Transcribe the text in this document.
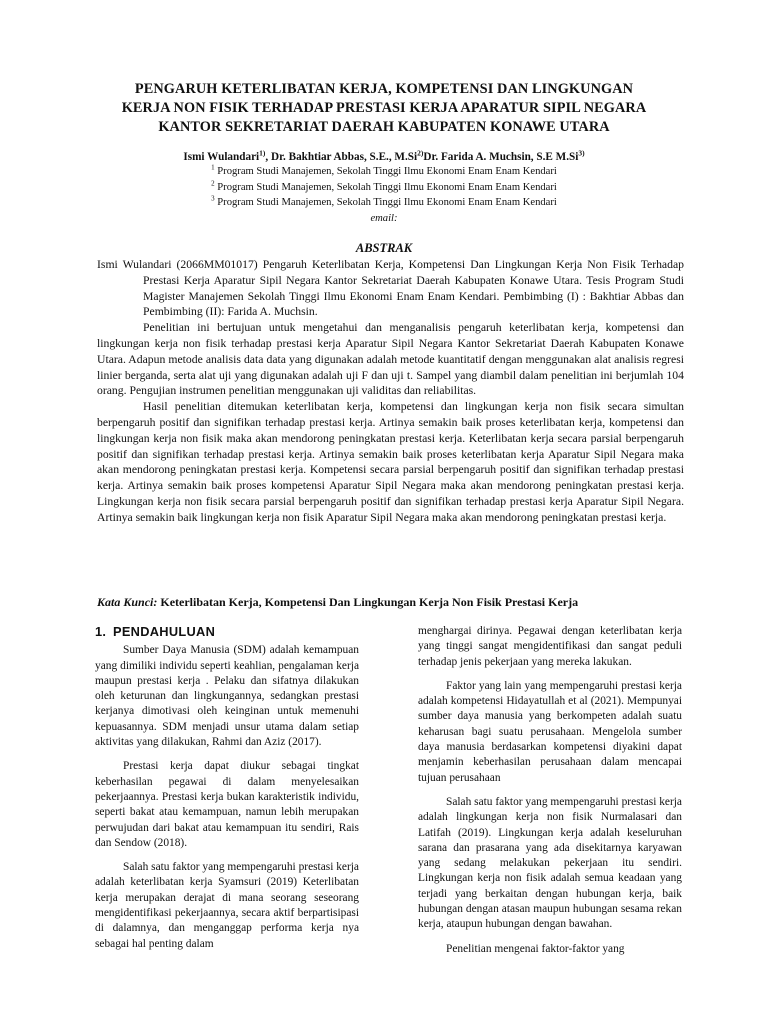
PENGARUH KETERLIBATAN KERJA, KOMPETENSI DAN LINGKUNGAN
KERJA NON FISIK TERHADAP PRESTASI KERJA APARATUR SIPIL NEGARA
KANTOR SEKRETARIAT DAERAH KABUPATEN KONAWE UTARA
Ismi Wulandari$^{1)}$, Dr. Bakhtiar Abbas, S.E., M.Si$^{2)}$Dr. Farida A. Muchsin, S.E M.Si$^{3)}$
$^1$ Program Studi Manajemen, Sekolah Tinggi Ilmu Ekonomi Enam Enam Kendari
$^2$ Program Studi Manajemen, Sekolah Tinggi Ilmu Ekonomi Enam Enam Kendari
$^3$ Program Studi Manajemen, Sekolah Tinggi Ilmu Ekonomi Enam Enam Kendari
email:
ABSTRAK

Ismi Wulandari (2066MM01017) Pengaruh Keterlibatan Kerja, Kompetensi Dan Lingkungan Kerja Non Fisik Terhadap Prestasi Kerja Aparatur Sipil Negara Kantor Sekretariat Daerah Kabupaten Konawe Utara. Tesis Program Studi Magister Manajemen Sekolah Tinggi Ilmu Ekonomi Enam Enam Kendari. Pembimbing (I) : Bakhtiar Abbas dan Pembimbing (II): Farida A. Muchsin.

Penelitian ini bertujuan untuk mengetahui dan menganalisis pengaruh keterlibatan kerja, kompetensi dan lingkungan kerja non fisik terhadap prestasi kerja Aparatur Sipil Negara Kantor Sekretariat Daerah Kabupaten Konawe Utara. Adapun metode analisis data data yang digunakan adalah metode kuantitatif dengan menggunakan alat analisis regresi linier berganda, serta alat uji yang digunakan adalah uji F dan uji t. Sampel yang diambil dalam penelitian ini berjumlah 104 orang. Pengujian instrumen penelitian menggunakan uji validitas dan reliabilitas.

Hasil penelitian ditemukan keterlibatan kerja, kompetensi dan lingkungan kerja non fisik secara simultan berpengaruh positif dan signifikan terhadap prestasi kerja. Artinya semakin baik proses keterlibatan kerja, kompetensi dan lingkungan kerja non fisik maka akan mendorong peningkatan prestasi kerja. Keterlibatan kerja secara parsial berpengaruh positif dan signifikan terhadap prestasi kerja. Artinya semakin baik proses keterlibatan kerja Aparatur Sipil Negara maka akan mendorong peningkatan prestasi kerja. Kompetensi secara parsial berpengaruh positif dan signifikan terhadap prestasi kerja. Artinya semakin baik proses kompetensi Aparatur Sipil Negara maka akan mendorong peningkatan prestasi kerja. Lingkungan kerja non fisik secara parsial berpengaruh positif dan signifikan terhadap prestasi kerja Aparatur Sipil Negara. Artinya semakin baik lingkungan kerja non fisik Aparatur Sipil Negara maka akan mendorong peningkatan prestasi kerja.

Kata Kunci: Keterlibatan Kerja, Kompetensi Dan Lingkungan Kerja Non Fisik Prestasi Kerja
1. PENDAHULUAN

Sumber Daya Manusia (SDM) adalah kemampuan yang dimiliki individu seperti keahlian, pengalaman kerja maupun prestasi kerja . Pelaku dan sifatnya dilakukan oleh keturunan dan lingkungannya, sedangkan prestasi kerjanya dimotivasi oleh keinginan untuk memenuhi kepuasannya. SDM menjadi unsur utama dalam setiap aktivitas yang dilakukan, Rahmi dan Aziz (2017).

Prestasi kerja dapat diukur sebagai tingkat keberhasilan pegawai di dalam menyelesaikan pekerjaannya. Prestasi kerja bukan karakteristik individu, seperti bakat atau kemampuan, namun lebih merupakan perwujudan dari bakat atau kemampuan itu sendiri, Rais dan Sendow (2018).

Salah satu faktor yang mempengaruhi prestasi kerja adalah keterlibatan kerja Syamsuri (2019) Keterlibatan kerja merupakan derajat di mana seorang seseorang mengidentifikasi pekerjaannya, secara aktif berpartisipasi di dalamnya, dan menganggap performa kerja nya sebagai hal penting dalam

menghargai dirinya. Pegawai dengan keterlibatan kerja yang tinggi sangat mengidentifikasi dan sangat peduli terhadap jenis pekerjaan yang mereka lakukan.

Faktor yang lain yang mempengaruhi prestasi kerja adalah kompetensi Hidayatullah et al (2021). Mempunyai sumber daya manusia yang berkompeten adalah suatu keharusan bagi suatu perusahaan. Mengelola sumber daya manusia berdasarkan kompetensi diyakini dapat menjamin keberhasilan perusahaan dalam mencapai tujuan perusahaan

Salah satu faktor yang mempengaruhi prestasi kerja adalah lingkungan kerja non fisik Nurmalasari dan Latifah (2019). Lingkungan kerja adalah keseluruhan sarana dan prasarana yang ada disekitarnya karyawan yang sedang melakukan pekerjaan itu sendiri. Lingkungan kerja non fisik adalah semua keadaan yang terjadi yang berkaitan dengan hubungan kerja, baik hubungan dengan atasan maupun hubungan sesama rekan kerja, ataupun hubungan dengan bawahan.

Penelitian mengenai faktor-faktor yang
